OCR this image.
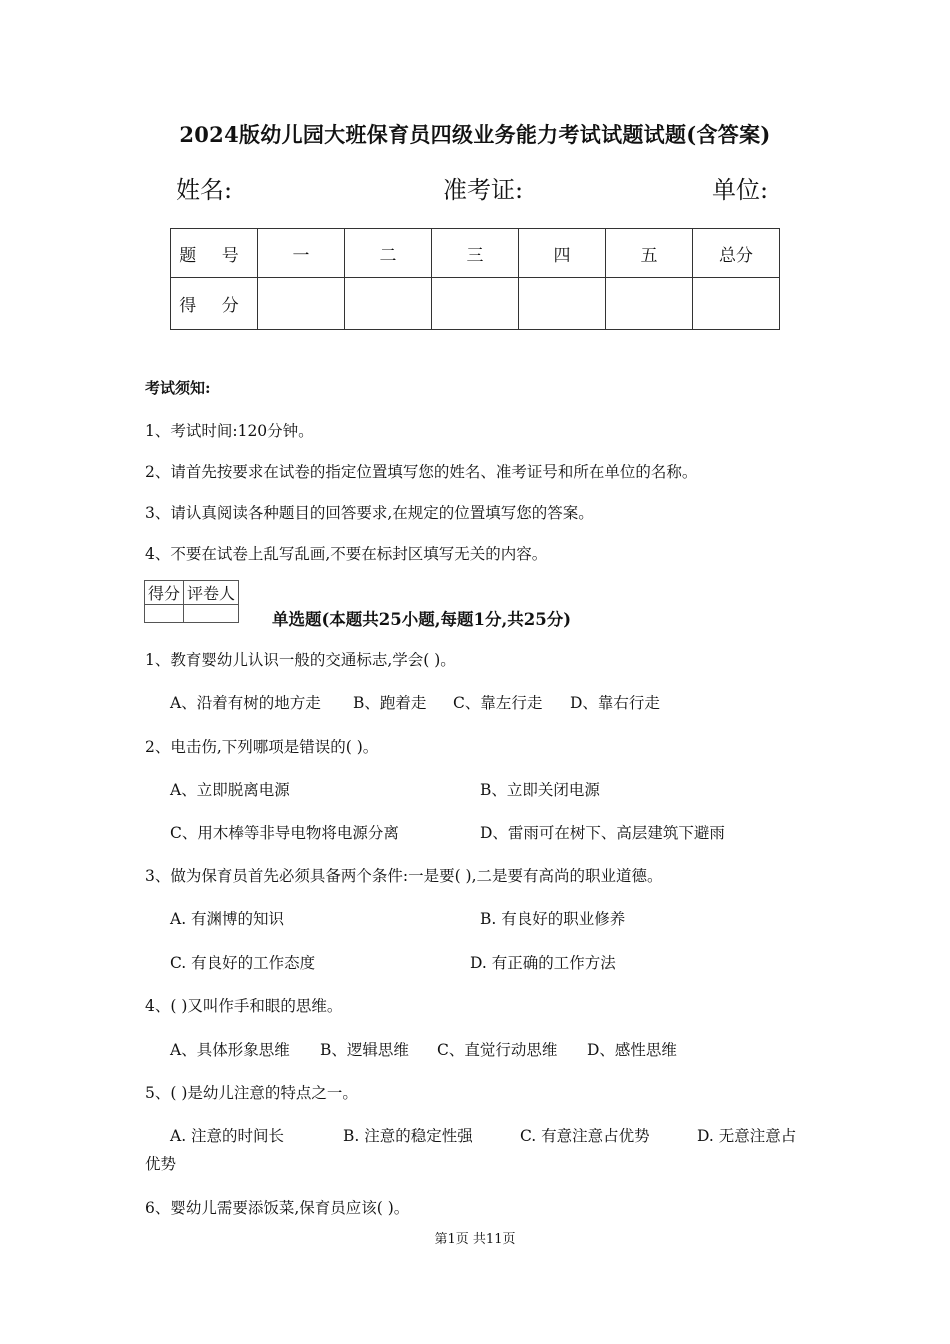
2024版幼儿园大班保育员四级业务能力考试试题试题(含答案)
姓名:	准考证:	单位:
题 号	一	二	三	四	五	总分
得 分						
考试须知:
1、考试时间:120分钟。
2、请首先按要求在试卷的指定位置填写您的姓名、准考证号和所在单位的名称。
3、请认真阅读各种题目的回答要求,在规定的位置填写您的答案。
4、不要在试卷上乱写乱画,不要在标封区填写无关的内容。
得分	评卷人

单选题(本题共25小题,每题1分,共25分)
1、教育婴幼儿认识一般的交通标志,学会( )。
A、沿着有树的地方走 B、跑着走 C、靠左行走 D、靠右行走
2、电击伤,下列哪项是错误的( )。
A、立即脱离电源	B、立即关闭电源
C、用木棒等非导电物将电源分离	D、雷雨可在树下、高层建筑下避雨
3、做为保育员首先必须具备两个条件:一是要( ),二是要有高尚的职业道德。
A. 有渊博的知识	B. 有良好的职业修养
C. 有良好的工作态度	D. 有正确的工作方法
4、( )又叫作手和眼的思维。
A、具体形象思维 B、逻辑思维 C、直觉行动思维 D、感性思维
5、( )是幼儿注意的特点之一。
A. 注意的时间长	B. 注意的稳定性强	C. 有意注意占优势	D. 无意注意占
优势
6、婴幼儿需要添饭菜,保育员应该( )。
第1页 共11页
